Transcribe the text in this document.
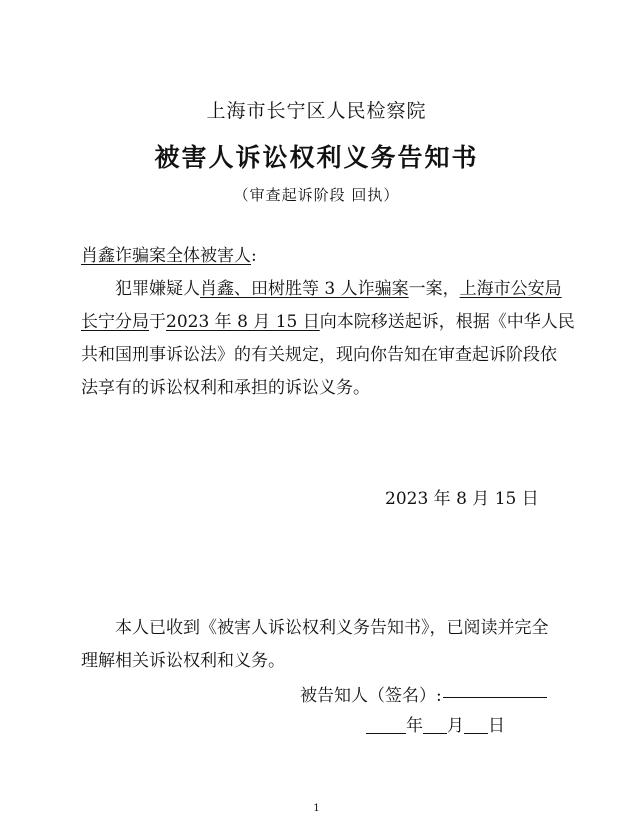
上海市长宁区人民检察院
被害人诉讼权利义务告知书
（审查起诉阶段 回执）
肖鑫诈骗案全体被害人:
犯罪嫌疑人肖鑫、田树胜等 3 人诈骗案一案，上海市公安局
长宁分局于2023 年 8 月 15 日向本院移送起诉，根据《中华人民
共和国刑事诉讼法》的有关规定，现向你告知在审查起诉阶段依
法享有的诉讼权利和承担的诉讼义务。
2023 年 8 月 15 日
本人已收到《被害人诉讼权利义务告知书》，已阅读并完全
理解相关诉讼权利和义务。
被告知人（签名）:
年 月 日
1
